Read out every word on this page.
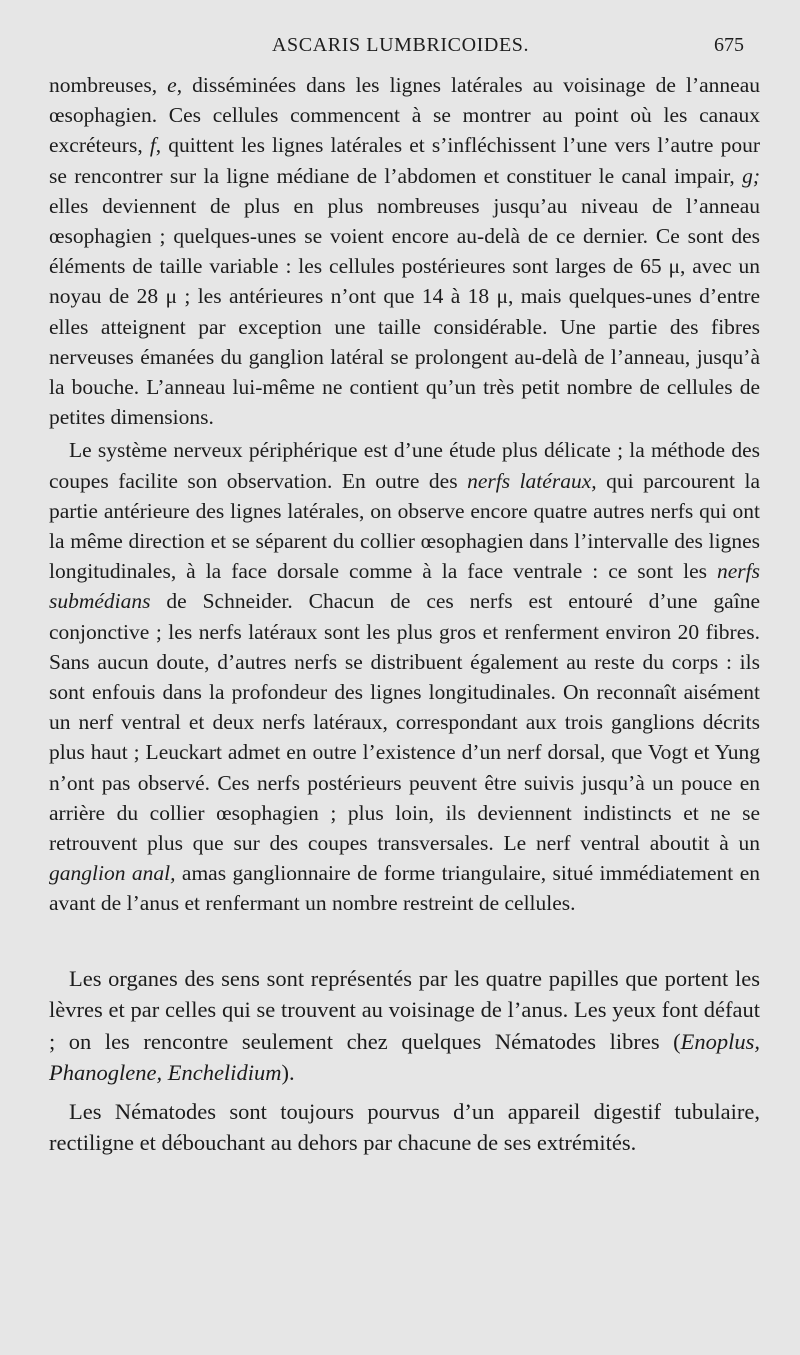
ASCARIS LUMBRICOIDES.	675

nombreuses, e, disséminées dans les lignes latérales au voisinage de l’anneau œsophagien. Ces cellules commencent à se montrer au point où les canaux excréteurs, f, quittent les lignes latérales et s’infléchissent l’une vers l’autre pour se rencontrer sur la ligne médiane de l’abdomen et constituer le canal impair, g; elles deviennent de plus en plus nombreuses jusqu’au niveau de l’anneau œsophagien ; quelques-unes se voient encore au-delà de ce dernier. Ce sont des éléments de taille variable : les cellules postérieures sont larges de 65 μ, avec un noyau de 28 μ ; les antérieures n’ont que 14 à 18 μ, mais quelques-unes d’entre elles atteignent par exception une taille considérable. Une partie des fibres nerveuses émanées du ganglion latéral se prolongent au-delà de l’anneau, jusqu’à la bouche. L’anneau lui-même ne contient qu’un très petit nombre de cellules de petites dimensions.

Le système nerveux périphérique est d’une étude plus délicate ; la méthode des coupes facilite son observation. En outre des nerfs latéraux, qui parcourent la partie antérieure des lignes latérales, on observe encore quatre autres nerfs qui ont la même direction et se séparent du collier œsophagien dans l’intervalle des lignes longitudinales, à la face dorsale comme à la face ventrale : ce sont les nerfs submédians de Schneider. Chacun de ces nerfs est entouré d’une gaîne conjonctive ; les nerfs latéraux sont les plus gros et renferment environ 20 fibres. Sans aucun doute, d’autres nerfs se distribuent également au reste du corps : ils sont enfouis dans la profondeur des lignes longitudinales. On reconnaît aisément un nerf ventral et deux nerfs latéraux, correspondant aux trois ganglions décrits plus haut ; Leuckart admet en outre l’existence d’un nerf dorsal, que Vogt et Yung n’ont pas observé. Ces nerfs postérieurs peuvent être suivis jusqu’à un pouce en arrière du collier œsophagien ; plus loin, ils deviennent indistincts et ne se retrouvent plus que sur des coupes transversales. Le nerf ventral aboutit à un ganglion anal, amas ganglionnaire de forme triangulaire, situé immédiatement en avant de l’anus et renfermant un nombre restreint de cellules.

Les organes des sens sont représentés par les quatre papilles que portent les lèvres et par celles qui se trouvent au voisinage de l’anus. Les yeux font défaut ; on les rencontre seulement chez quelques Nématodes libres (Enoplus, Phanoglene, Enchelidium).

Les Nématodes sont toujours pourvus d’un appareil digestif tubulaire, rectiligne et débouchant au dehors par chacune de ses extrémités.
